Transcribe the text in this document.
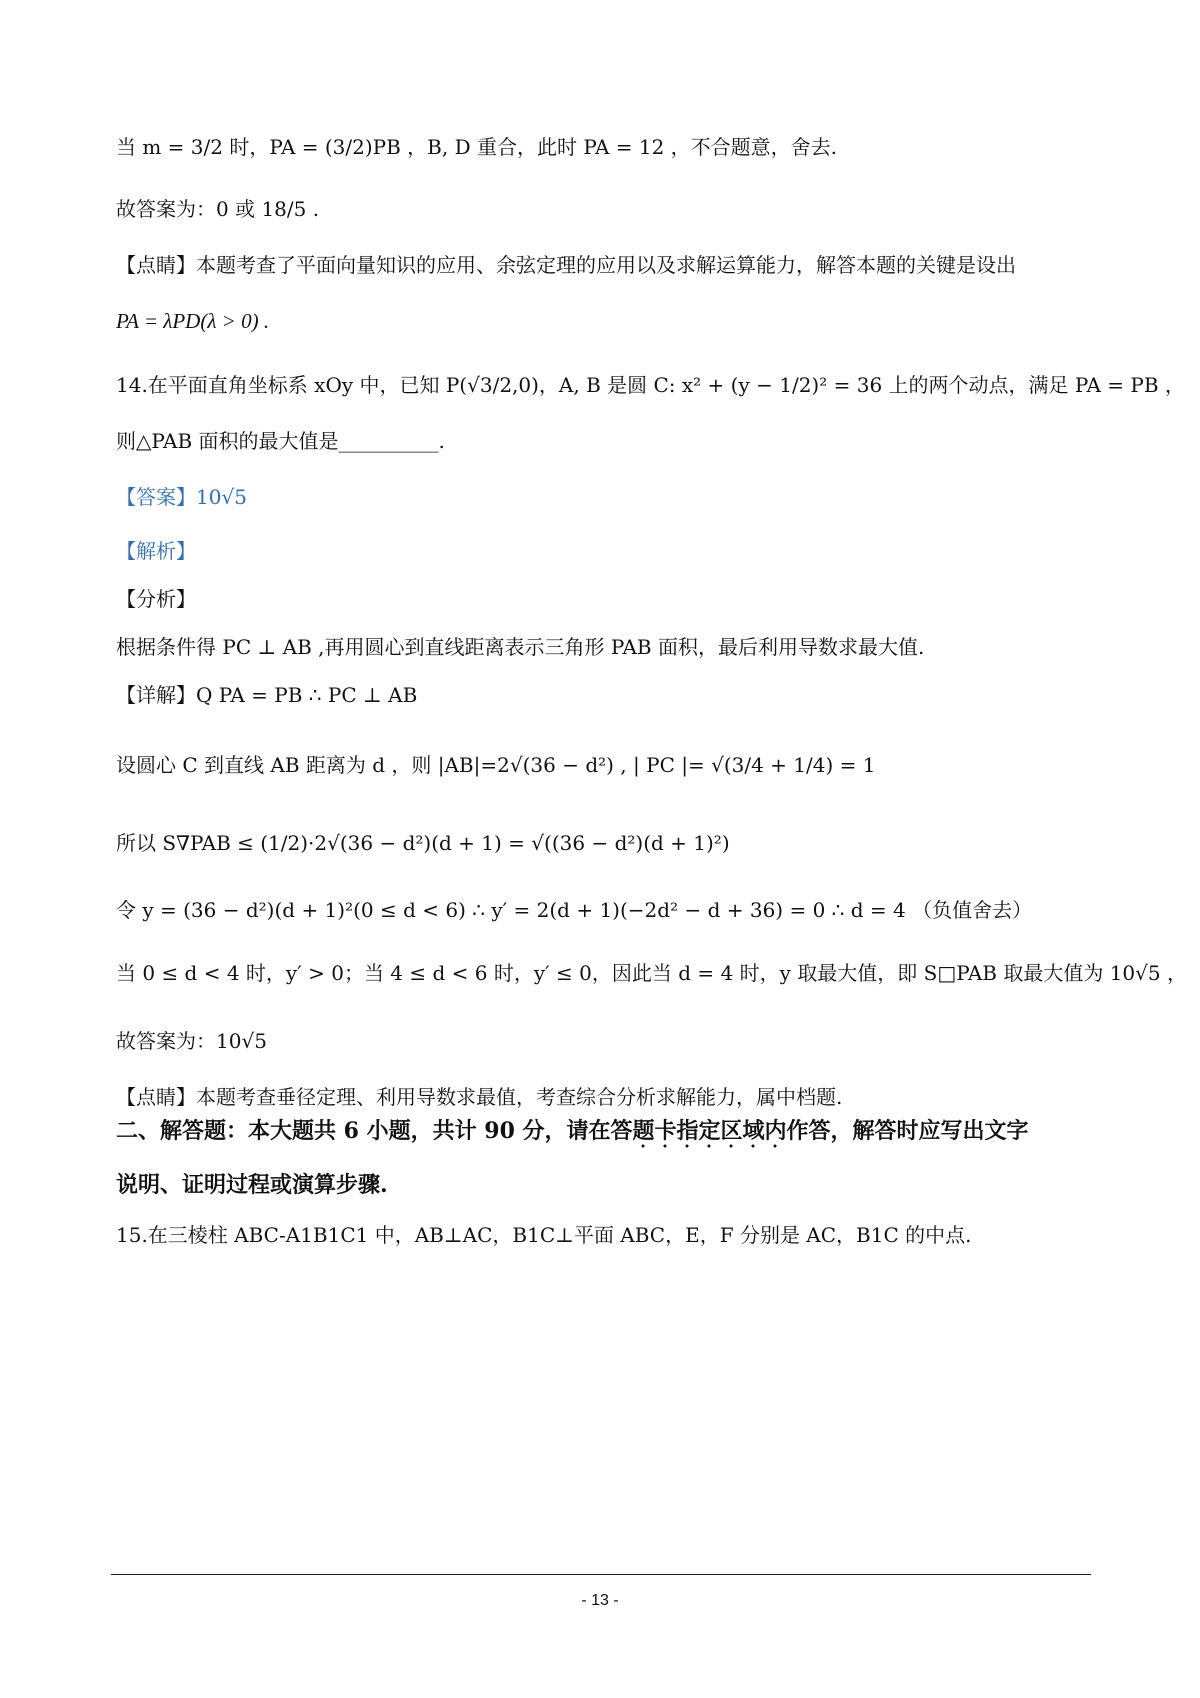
当 m = 3/2 时，PA = (3/2)PB ，B, D 重合，此时 PA = 12 ，不合题意，舍去.
故答案为：0 或 18/5 .
【点睛】本题考查了平面向量知识的应用、余弦定理的应用以及求解运算能力，解答本题的关键是设出
PA = λPD(λ > 0) .
14.在平面直角坐标系 xOy 中，已知 P(√3/2,0)，A, B 是圆 C: x² + (y − 1/2)² = 36 上的两个动点，满足 PA = PB ，
则△PAB 面积的最大值是__________.
【答案】10√5
【解析】
【分析】
根据条件得 PC ⊥ AB ,再用圆心到直线距离表示三角形 PAB 面积，最后利用导数求最大值.
【详解】Q PA = PB ∴ PC ⊥ AB
设圆心 C 到直线 AB 距离为 d ，则 |AB|=2√(36 − d²) , | PC |= √(3/4 + 1/4) = 1
所以 S∇PAB ≤ (1/2)·2√(36 − d²)(d + 1) = √((36 − d²)(d + 1)²)
令 y = (36 − d²)(d + 1)²(0 ≤ d < 6) ∴ y′ = 2(d + 1)(−2d² − d + 36) = 0 ∴ d = 4 （负值舍去）
当 0 ≤ d < 4 时，y′ > 0；当 4 ≤ d < 6 时，y′ ≤ 0，因此当 d = 4 时，y 取最大值，即 S□PAB 取最大值为 10√5 ，
故答案为：10√5
【点睛】本题考查垂径定理、利用导数求最值，考查综合分析求解能力，属中档题.
二、解答题：本大题共 6 小题，共计 90 分，请在答题卡指定区域内作答，解答时应写出文字
说明、证明过程或演算步骤.
15.在三棱柱 ABC-A1B1C1 中，AB⊥AC，B1C⊥平面 ABC，E，F 分别是 AC，B1C 的中点.
- 13 -
